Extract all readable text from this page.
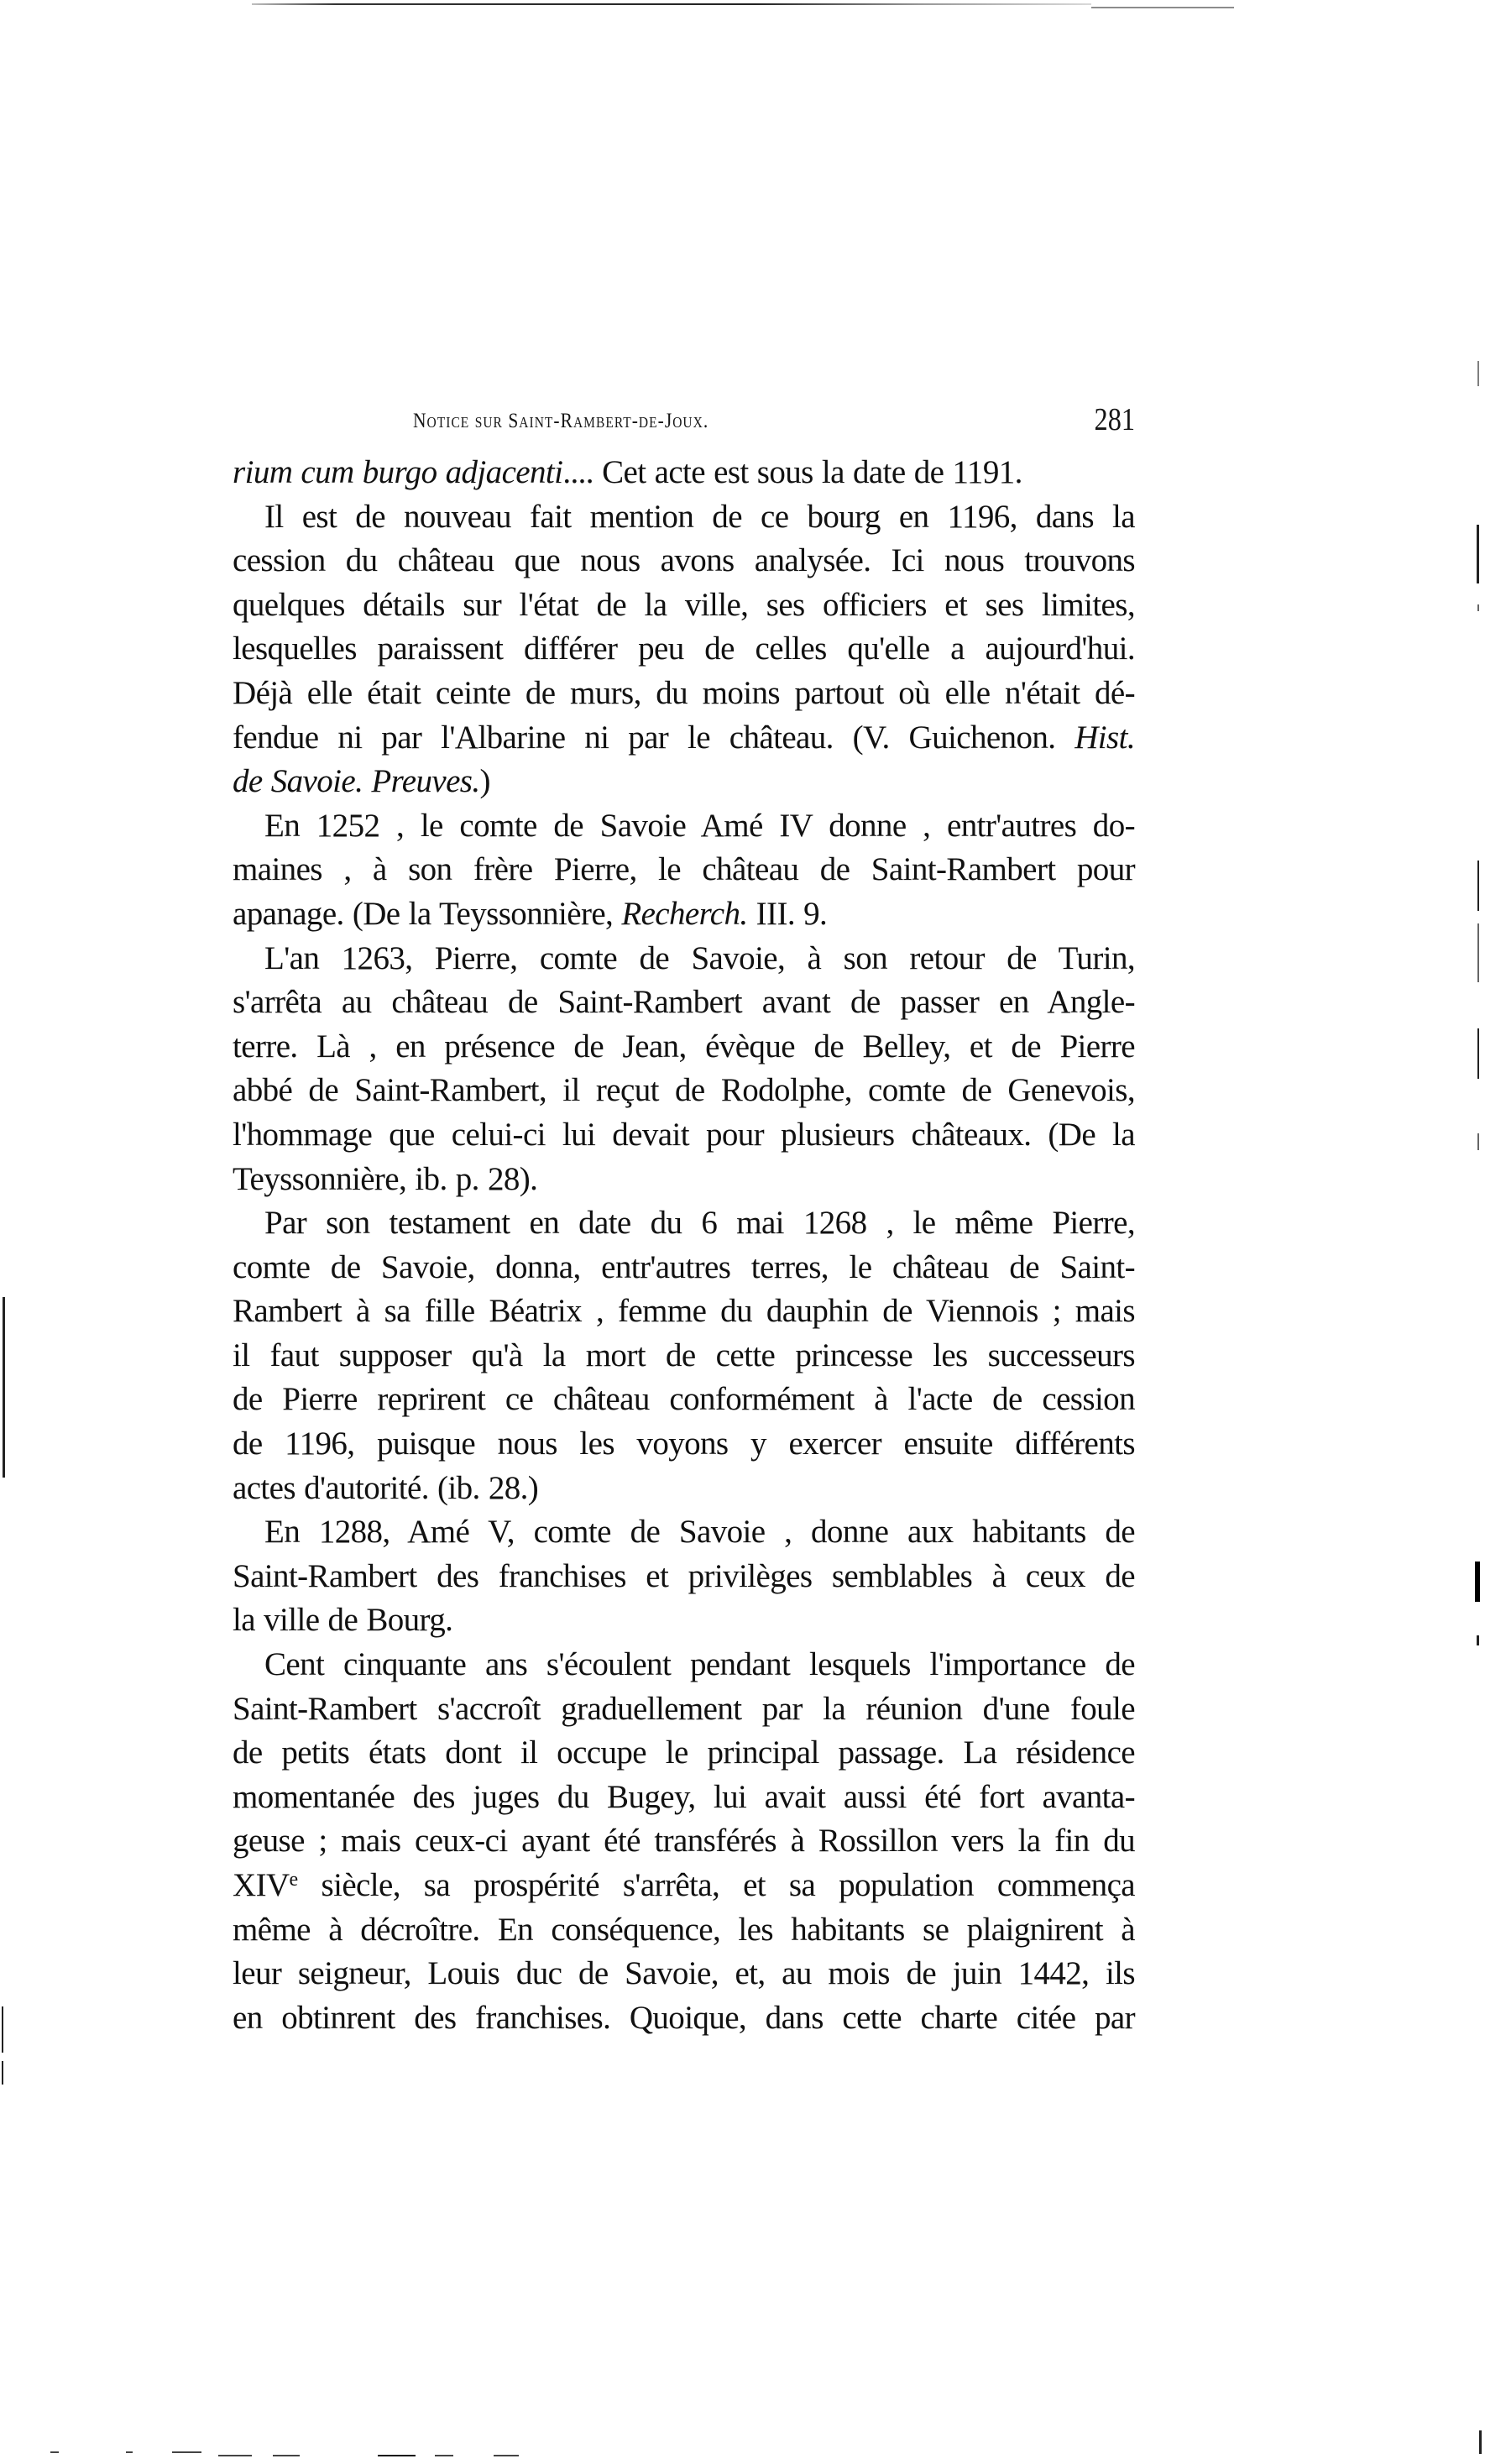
Notice sur Saint-Rambert-de-Joux.	281
rium cum burgo adjacenti.... Cet acte est sous la date de 1191.
Il est de nouveau fait mention de ce bourg en 1196, dans la
cession du château que nous avons analysée. Ici nous trouvons
quelques détails sur l'état de la ville, ses officiers et ses limites,
lesquelles paraissent différer peu de celles qu'elle a aujourd'hui.
Déjà elle était ceinte de murs, du moins partout où elle n'était dé-
fendue ni par l'Albarine ni par le château. (V. Guichenon. Hist.
de Savoie. Preuves.)
En 1252 , le comte de Savoie Amé IV donne , entr'autres do-
maines , à son frère Pierre, le château de Saint-Rambert pour
apanage. (De la Teyssonnière, Recherch. III. 9.
L'an 1263, Pierre, comte de Savoie, à son retour de Turin,
s'arrêta au château de Saint-Rambert avant de passer en Angle-
terre. Là , en présence de Jean, évèque de Belley, et de Pierre
abbé de Saint-Rambert, il reçut de Rodolphe, comte de Genevois,
l'hommage que celui-ci lui devait pour plusieurs châteaux. (De la
Teyssonnière, ib. p. 28).
Par son testament en date du 6 mai 1268 , le même Pierre,
comte de Savoie, donna, entr'autres terres, le château de Saint-
Rambert à sa fille Béatrix , femme du dauphin de Viennois ; mais
il faut supposer qu'à la mort de cette princesse les successeurs
de Pierre reprirent ce château conformément à l'acte de cession
de 1196, puisque nous les voyons y exercer ensuite différents
actes d'autorité. (ib. 28.)
En 1288, Amé V, comte de Savoie , donne aux habitants de
Saint-Rambert des franchises et privilèges semblables à ceux de
la ville de Bourg.
Cent cinquante ans s'écoulent pendant lesquels l'importance de
Saint-Rambert s'accroît graduellement par la réunion d'une foule
de petits états dont il occupe le principal passage. La résidence
momentanée des juges du Bugey, lui avait aussi été fort avanta-
geuse ; mais ceux-ci ayant été transférés à Rossillon vers la fin du
XIVe siècle, sa prospérité s'arrêta, et sa population commença
même à décroître. En conséquence, les habitants se plaignirent à
leur seigneur, Louis duc de Savoie, et, au mois de juin 1442, ils
en obtinrent des franchises. Quoique, dans cette charte citée par
